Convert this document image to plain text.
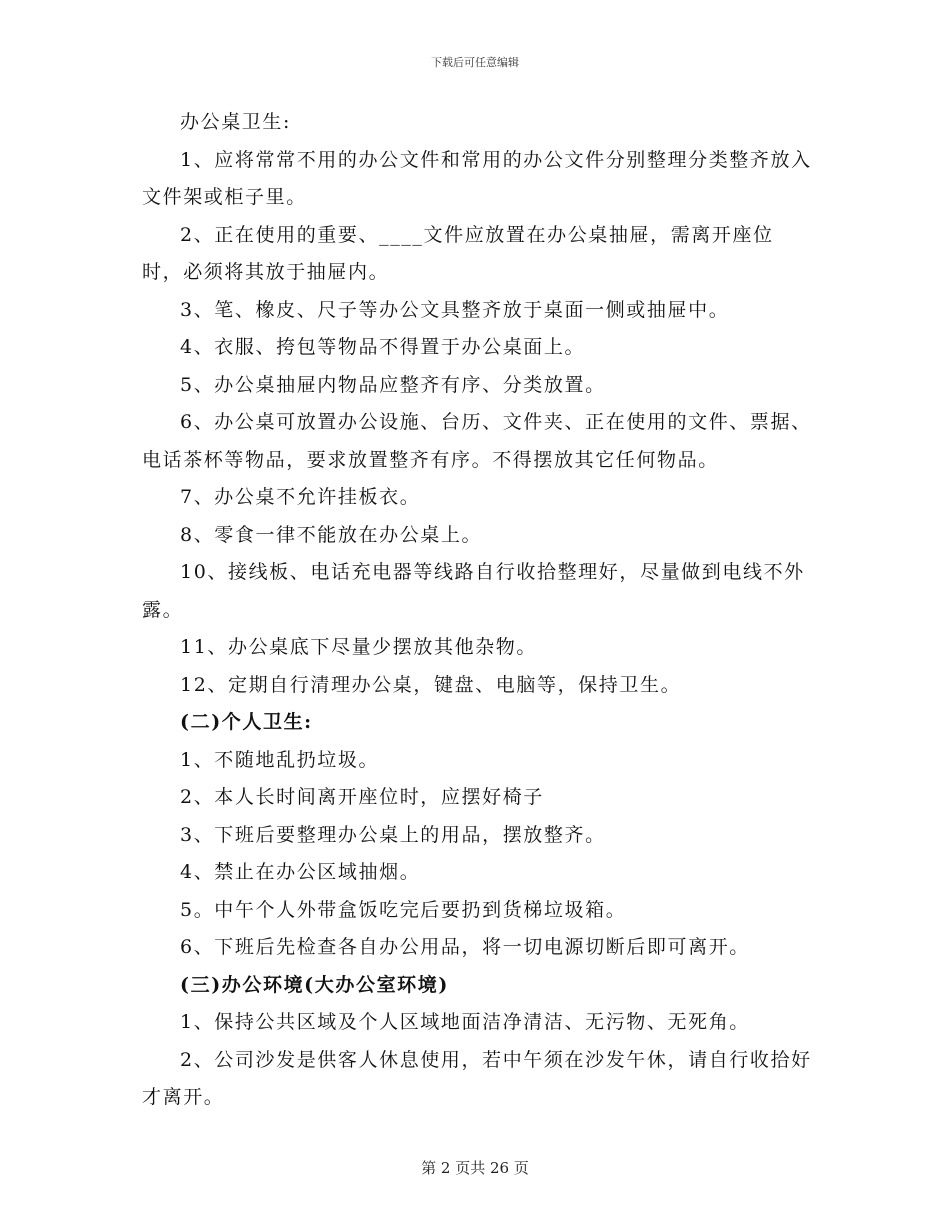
下载后可任意编辑

办公桌卫生:

1、应将常常不用的办公文件和常用的办公文件分别整理分类整齐放入文件架或柜子里。

2、正在使用的重要、____文件应放置在办公桌抽屉，需离开座位时，必须将其放于抽屉内。

3、笔、橡皮、尺子等办公文具整齐放于桌面一侧或抽屉中。

4、衣服、挎包等物品不得置于办公桌面上。

5、办公桌抽屉内物品应整齐有序、分类放置。

6、办公桌可放置办公设施、台历、文件夹、正在使用的文件、票据、电话茶杯等物品，要求放置整齐有序。不得摆放其它任何物品。

7、办公桌不允许挂板衣。

8、零食一律不能放在办公桌上。

10、接线板、电话充电器等线路自行收拾整理好，尽量做到电线不外露。

11、办公桌底下尽量少摆放其他杂物。

12、定期自行清理办公桌，键盘、电脑等，保持卫生。

(二)个人卫生:

1、不随地乱扔垃圾。

2、本人长时间离开座位时，应摆好椅子

3、下班后要整理办公桌上的用品，摆放整齐。

4、禁止在办公区域抽烟。

5。中午个人外带盒饭吃完后要扔到货梯垃圾箱。

6、下班后先检查各自办公用品，将一切电源切断后即可离开。

(三)办公环境(大办公室环境)

1、保持公共区域及个人区域地面洁净清洁、无污物、无死角。

2、公司沙发是供客人休息使用，若中午须在沙发午休，请自行收拾好才离开。

第 2 页共 26 页
